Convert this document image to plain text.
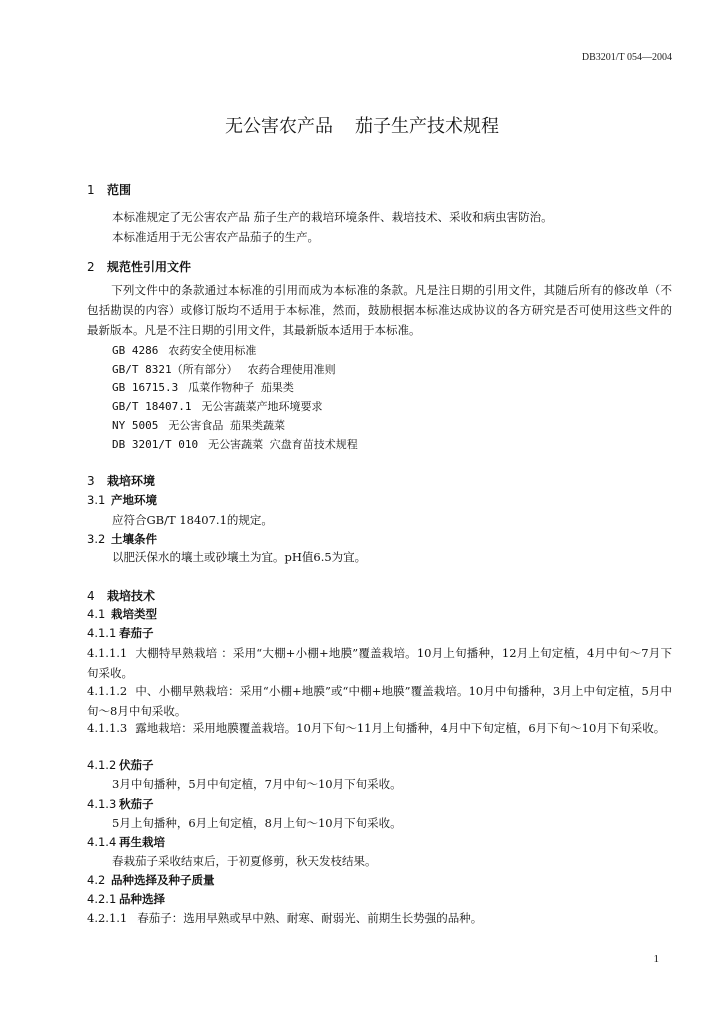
DB3201/T 054—2004
无公害农产品 茄子生产技术规程
1 范围
本标准规定了无公害农产品 茄子生产的栽培环境条件、栽培技术、采收和病虫害防治。
本标准适用于无公害农产品茄子的生产。
2 规范性引用文件
下列文件中的条款通过本标准的引用而成为本标准的条款。凡是注日期的引用文件，其随后所有的修改单（不包括勘误的内容）或修订版均不适用于本标准，然而，鼓励根据本标准达成协议的各方研究是否可使用这些文件的最新版本。凡是不注日期的引用文件，其最新版本适用于本标准。
GB 4286 农药安全使用标准
GB/T 8321（所有部分） 农药合理使用准则
GB 16715.3 瓜菜作物种子 茄果类
GB/T 18407.1 无公害蔬菜产地环境要求
NY 5005 无公害食品 茄果类蔬菜
DB 3201/T 010 无公害蔬菜 穴盘育苗技术规程
3 栽培环境
3.1 产地环境
应符合GB/T 18407.1的规定。
3.2 土壤条件
以肥沃保水的壤土或砂壤土为宜。pH值6.5为宜。
4 栽培技术
4.1 栽培类型
4.1.1 春茄子
4.1.1.1 大棚特早熟栽培 ：采用“大棚+小棚+地膜”覆盖栽培。10月上旬播种，12月上旬定植，4月中旬～7月下旬采收。
4.1.1.2 中、小棚早熟栽培：采用“小棚+地膜”或“中棚+地膜”覆盖栽培。10月中旬播种，3月上中旬定植，5月中旬～8月中旬采收。
4.1.1.3 露地栽培：采用地膜覆盖栽培。10月下旬～11月上旬播种，4月中下旬定植，6月下旬～10月下旬采收。
4.1.2 伏茄子
3月中旬播种，5月中旬定植，7月中旬～10月下旬采收。
4.1.3 秋茄子
5月上旬播种，6月上旬定植，8月上旬～10月下旬采收。
4.1.4 再生栽培
春栽茄子采收结束后，于初夏修剪，秋天发枝结果。
4.2 品种选择及种子质量
4.2.1 品种选择
4.2.1.1 春茄子：选用早熟或早中熟、耐寒、耐弱光、前期生长势强的品种。
1
